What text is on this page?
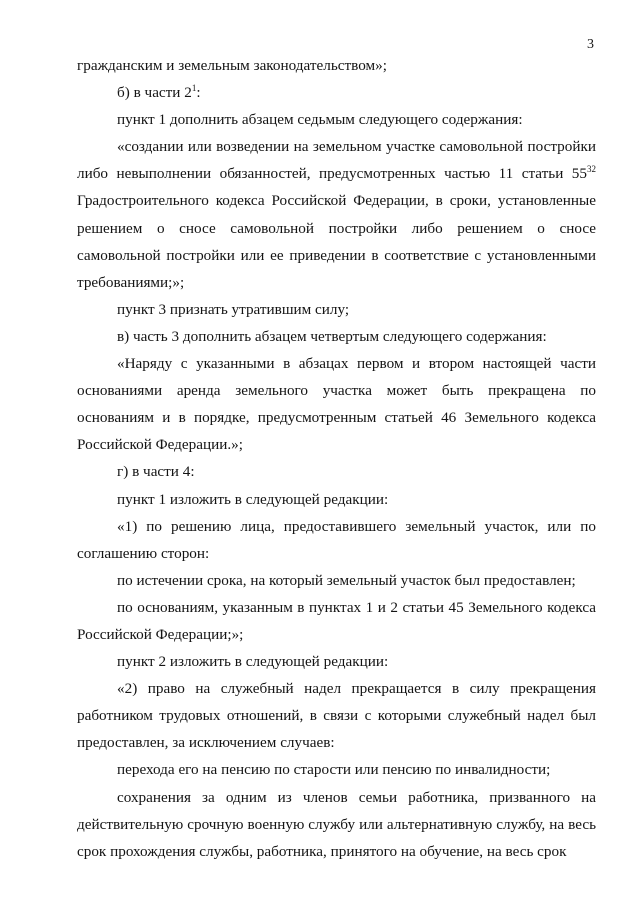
3

гражданским и земельным законодательством»;

б) в части $2^1$:

пункт 1 дополнить абзацем седьмым следующего содержания:

«создании или возведении на земельном участке самовольной постройки либо невыполнении обязанностей, предусмотренных частью 11 статьи $55^{32}$ Градостроительного кодекса Российской Федерации, в сроки, установленные решением о сносе самовольной постройки либо решением о сносе самовольной постройки или ее приведении в соответствие с установленными требованиями;»;

пункт 3 признать утратившим силу;

в) часть 3 дополнить абзацем четвертым следующего содержания:

«Наряду с указанными в абзацах первом и втором настоящей части основаниями аренда земельного участка может быть прекращена по основаниям и в порядке, предусмотренным статьей 46 Земельного кодекса Российской Федерации.»;

г) в части 4:

пункт 1 изложить в следующей редакции:

«1) по решению лица, предоставившего земельный участок, или по соглашению сторон:

по истечении срока, на который земельный участок был предоставлен;

по основаниям, указанным в пунктах 1 и 2 статьи 45 Земельного кодекса Российской Федерации;»;

пункт 2 изложить в следующей редакции:

«2) право на служебный надел прекращается в силу прекращения работником трудовых отношений, в связи с которыми служебный надел был предоставлен, за исключением случаев:

перехода его на пенсию по старости или пенсию по инвалидности;

сохранения за одним из членов семьи работника, призванного на действительную срочную военную службу или альтернативную службу, на весь срок прохождения службы, работника, принятого на обучение, на весь срок
